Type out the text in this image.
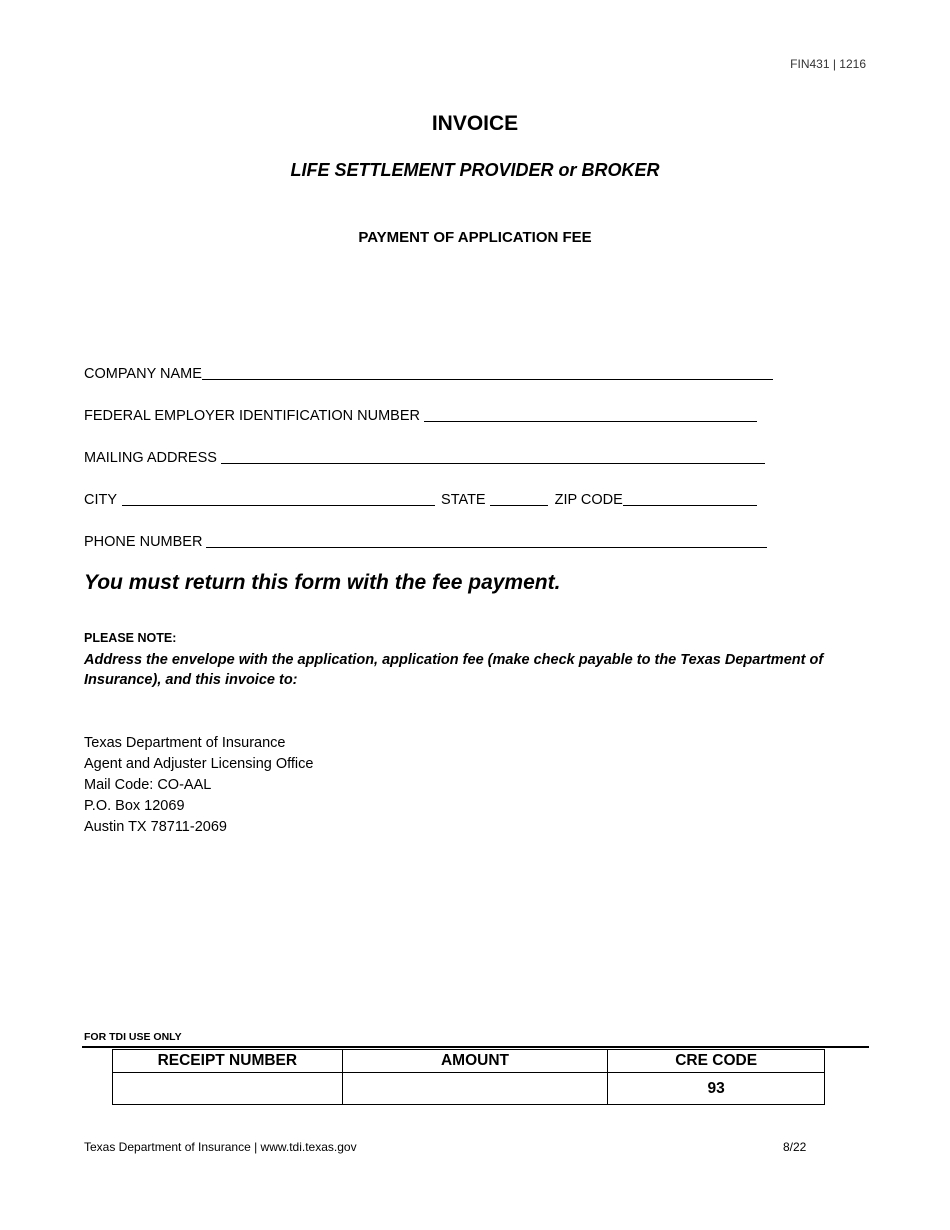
FIN431 | 1216
INVOICE
LIFE SETTLEMENT PROVIDER or BROKER
PAYMENT OF APPLICATION FEE
COMPANY NAME
FEDERAL EMPLOYER IDENTIFICATION NUMBER
MAILING ADDRESS
CITY	STATE	ZIP CODE
PHONE NUMBER
You must return this form with the fee payment.
PLEASE NOTE:
Address the envelope with the application, application fee (make check payable to the Texas Department of Insurance), and this invoice to:
Texas Department of Insurance
Agent and Adjuster Licensing Office
Mail Code: CO-AAL
P.O. Box 12069
Austin TX 78711-2069
FOR TDI USE ONLY
RECEIPT NUMBER	AMOUNT	CRE CODE
		93
Texas Department of Insurance | www.tdi.texas.gov	8/22
